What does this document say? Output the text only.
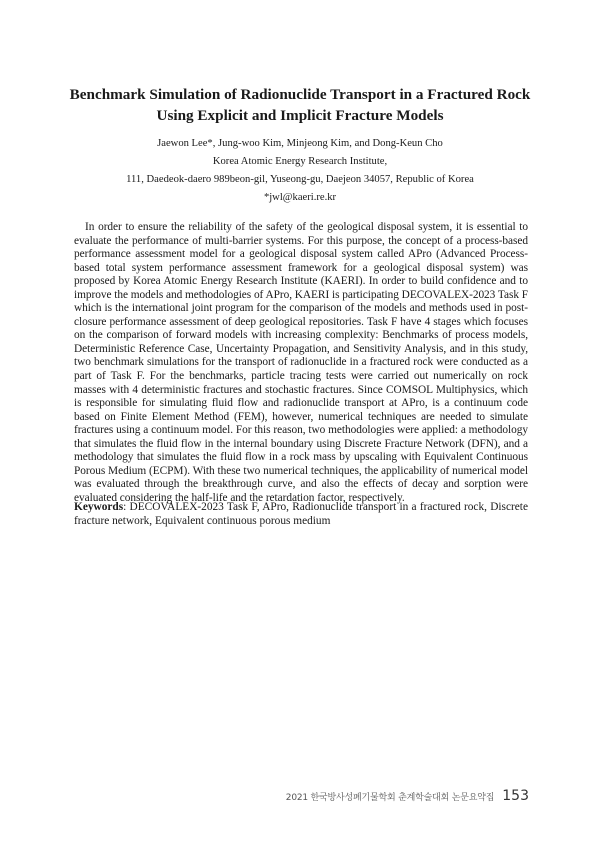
Benchmark Simulation of Radionuclide Transport in a Fractured Rock Using Explicit and Implicit Fracture Models

Jaewon Lee*, Jung-woo Kim, Minjeong Kim, and Dong-Keun Cho

Korea Atomic Energy Research Institute,

111, Daedeok-daero 989beon-gil, Yuseong-gu, Daejeon 34057, Republic of Korea

*jwl@kaeri.re.kr

In order to ensure the reliability of the safety of the geological disposal system, it is essential to evaluate the performance of multi-barrier systems. For this purpose, the concept of a process-based performance assessment model for a geological disposal system called APro (Advanced Process-based total system performance assessment framework for a geological disposal system) was proposed by Korea Atomic Energy Research Institute (KAERI). In order to build confidence and to improve the models and methodologies of APro, KAERI is participating DECOVALEX-2023 Task F which is the international joint program for the comparison of the models and methods used in post-closure performance assessment of deep geological repositories. Task F have 4 stages which focuses on the comparison of forward models with increasing complexity: Benchmarks of process models, Deterministic Reference Case, Uncertainty Propagation, and Sensitivity Analysis, and in this study, two benchmark simulations for the transport of radionuclide in a fractured rock were conducted as a part of Task F. For the benchmarks, particle tracing tests were carried out numerically on rock masses with 4 deterministic fractures and stochastic fractures. Since COMSOL Multiphysics, which is responsible for simulating fluid flow and radionuclide transport at APro, is a continuum code based on Finite Element Method (FEM), however, numerical techniques are needed to simulate fractures using a continuum model. For this reason, two methodologies were applied: a methodology that simulates the fluid flow in the internal boundary using Discrete Fracture Network (DFN), and a methodology that simulates the fluid flow in a rock mass by upscaling with Equivalent Continuous Porous Medium (ECPM). With these two numerical techniques, the applicability of numerical model was evaluated through the breakthrough curve, and also the effects of decay and sorption were evaluated considering the half-life and the retardation factor, respectively.

Keywords: DECOVALEX-2023 Task F, APro, Radionuclide transport in a fractured rock, Discrete fracture network, Equivalent continuous porous medium

2021 한국방사성폐기물학회 춘계학술대회 논문요약집 153
